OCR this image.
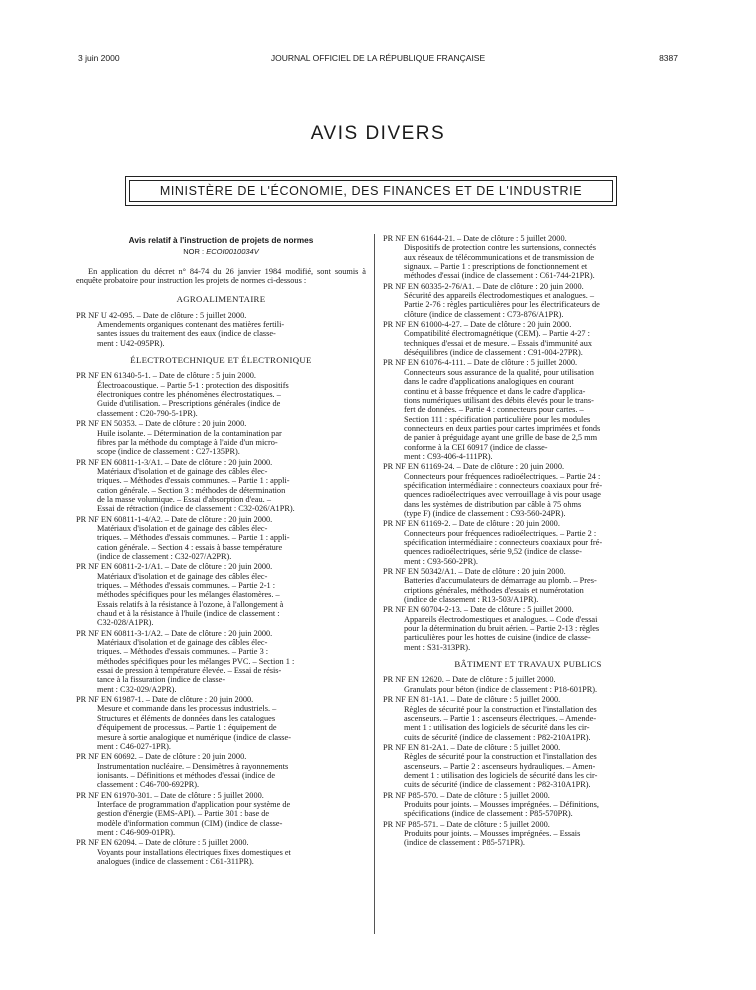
3 juin 2000	JOURNAL OFFICIEL DE LA RÉPUBLIQUE FRANÇAISE	8387
AVIS DIVERS
MINISTÈRE DE L'ÉCONOMIE, DES FINANCES ET DE L'INDUSTRIE
Avis relatif à l'instruction de projets de normes
NOR : ECOI0010034V
En application du décret n° 84-74 du 26 janvier 1984 modifié, sont soumis à enquête probatoire pour instruction les projets de normes ci-dessous :
AGROALIMENTAIRE
PR NF U 42-095. – Date de clôture : 5 juillet 2000.
Amendements organiques contenant des matières fertili-
santes issues du traitement des eaux (indice de classe-
ment : U42-095PR).
ÉLECTROTECHNIQUE ET ÉLECTRONIQUE
PR NF EN 61340-5-1. – Date de clôture : 5 juin 2000.
Électroacoustique. – Partie 5-1 : protection des dispositifs
électroniques contre les phénomènes électrostatiques. –
Guide d'utilisation. – Prescriptions générales (indice de
classement : C20-790-5-1PR).
PR NF EN 50353. – Date de clôture : 20 juin 2000.
Huile isolante. – Détermination de la contamination par
fibres par la méthode du comptage à l'aide d'un micro-
scope (indice de classement : C27-135PR).
PR NF EN 60811-1-3/A1. – Date de clôture : 20 juin 2000.
Matériaux d'isolation et de gainage des câbles élec-
triques. – Méthodes d'essais communes. – Partie 1 : appli-
cation générale. – Section 3 : méthodes de détermination
de la masse volumique. – Essai d'absorption d'eau. –
Essai de rétraction (indice de classement : C32-026/A1PR).
PR NF EN 60811-1-4/A2. – Date de clôture : 20 juin 2000.
Matériaux d'isolation et de gainage des câbles élec-
triques. – Méthodes d'essais communes. – Partie 1 : appli-
cation générale. – Section 4 : essais à basse température
(indice de classement : C32-027/A2PR).
PR NF EN 60811-2-1/A1. – Date de clôture : 20 juin 2000.
Matériaux d'isolation et de gainage des câbles élec-
triques. – Méthodes d'essais communes. – Partie 2-1 :
méthodes spécifiques pour les mélanges élastomères. –
Essais relatifs à la résistance à l'ozone, à l'allongement à
chaud et à la résistance à l'huile (indice de classement :
C32-028/A1PR).
PR NF EN 60811-3-1/A2. – Date de clôture : 20 juin 2000.
Matériaux d'isolation et de gainage des câbles élec-
triques. – Méthodes d'essais communes. – Partie 3 :
méthodes spécifiques pour les mélanges PVC. – Section 1 :
essai de pression à température élevée. – Essai de résis-
tance à la fissuration (indice de classe-
ment : C32-029/A2PR).
PR NF EN 61987-1. – Date de clôture : 20 juin 2000.
Mesure et commande dans les processus industriels. –
Structures et éléments de données dans les catalogues
d'équipement de processus. – Partie 1 : équipement de
mesure à sortie analogique et numérique (indice de classe-
ment : C46-027-1PR).
PR NF EN 60692. – Date de clôture : 20 juin 2000.
Instrumentation nucléaire. – Densimètres à rayonnements
ionisants. – Définitions et méthodes d'essai (indice de
classement : C46-700-692PR).
PR NF EN 61970-301. – Date de clôture : 5 juillet 2000.
Interface de programmation d'application pour système de
gestion d'énergie (EMS-API). – Partie 301 : base de
modèle d'information commun (CIM) (indice de classe-
ment : C46-909-01PR).
PR NF EN 62094. – Date de clôture : 5 juillet 2000.
Voyants pour installations électriques fixes domestiques et
analogues (indice de classement : C61-311PR).
PR NF EN 61644-21. – Date de clôture : 5 juillet 2000.
Dispositifs de protection contre les surtensions, connectés
aux réseaux de télécommunications et de transmission de
signaux. – Partie 1 : prescriptions de fonctionnement et
méthodes d'essai (indice de classement : C61-744-21PR).
PR NF EN 60335-2-76/A1. – Date de clôture : 20 juin 2000.
Sécurité des appareils électrodomestiques et analogues. –
Partie 2-76 : règles particulières pour les électrificateurs de
clôture (indice de classement : C73-876/A1PR).
PR NF EN 61000-4-27. – Date de clôture : 20 juin 2000.
Compatibilité électromagnétique (CEM). – Partie 4-27 :
techniques d'essai et de mesure. – Essais d'immunité aux
déséquilibres (indice de classement : C91-004-27PR).
PR NF EN 61076-4-111. – Date de clôture : 5 juillet 2000.
Connecteurs sous assurance de la qualité, pour utilisation
dans le cadre d'applications analogiques en courant
continu et à basse fréquence et dans le cadre d'applica-
tions numériques utilisant des débits élevés pour le trans-
fert de données. – Partie 4 : connecteurs pour cartes. –
Section 111 : spécification particulière pour les modules
connecteurs en deux parties pour cartes imprimées et fonds
de panier à préguidage ayant une grille de base de 2,5 mm
conforme à la CEI 60917 (indice de classe-
ment : C93-406-4-111PR).
PR NF EN 61169-24. – Date de clôture : 20 juin 2000.
Connecteurs pour fréquences radioélectriques. – Partie 24 :
spécification intermédiaire : connecteurs coaxiaux pour fré-
quences radioélectriques avec verrouillage à vis pour usage
dans les systèmes de distribution par câble à 75 ohms
(type F) (indice de classement : C93-560-24PR).
PR NF EN 61169-2. – Date de clôture : 20 juin 2000.
Connecteurs pour fréquences radioélectriques. – Partie 2 :
spécification intermédiaire : connecteurs coaxiaux pour fré-
quences radioélectriques, série 9,52 (indice de classe-
ment : C93-560-2PR).
PR NF EN 50342/A1. – Date de clôture : 20 juin 2000.
Batteries d'accumulateurs de démarrage au plomb. – Pres-
criptions générales, méthodes d'essais et numérotation
(indice de classement : R13-503/A1PR).
PR NF EN 60704-2-13. – Date de clôture : 5 juillet 2000.
Appareils électrodomestiques et analogues. – Code d'essai
pour la détermination du bruit aérien. – Partie 2-13 : règles
particulières pour les hottes de cuisine (indice de classe-
ment : S31-313PR).
BÂTIMENT ET TRAVAUX PUBLICS
PR NF EN 12620. – Date de clôture : 5 juillet 2000.
Granulats pour béton (indice de classement : P18-601PR).
PR NF EN 81-1A1. – Date de clôture : 5 juillet 2000.
Règles de sécurité pour la construction et l'installation des
ascenseurs. – Partie 1 : ascenseurs électriques. – Amende-
ment 1 : utilisation des logiciels de sécurité dans les cir-
cuits de sécurité (indice de classement : P82-210A1PR).
PR NF EN 81-2A1. – Date de clôture : 5 juillet 2000.
Règles de sécurité pour la construction et l'installation des
ascenseurs. – Partie 2 : ascenseurs hydrauliques. – Amen-
dement 1 : utilisation des logiciels de sécurité dans les cir-
cuits de sécurité (indice de classement : P82-310A1PR).
PR NF P85-570. – Date de clôture : 5 juillet 2000.
Produits pour joints. – Mousses imprégnées. – Définitions,
spécifications (indice de classement : P85-570PR).
PR NF P85-571. – Date de clôture : 5 juillet 2000.
Produits pour joints. – Mousses imprégnées. – Essais
(indice de classement : P85-571PR).
